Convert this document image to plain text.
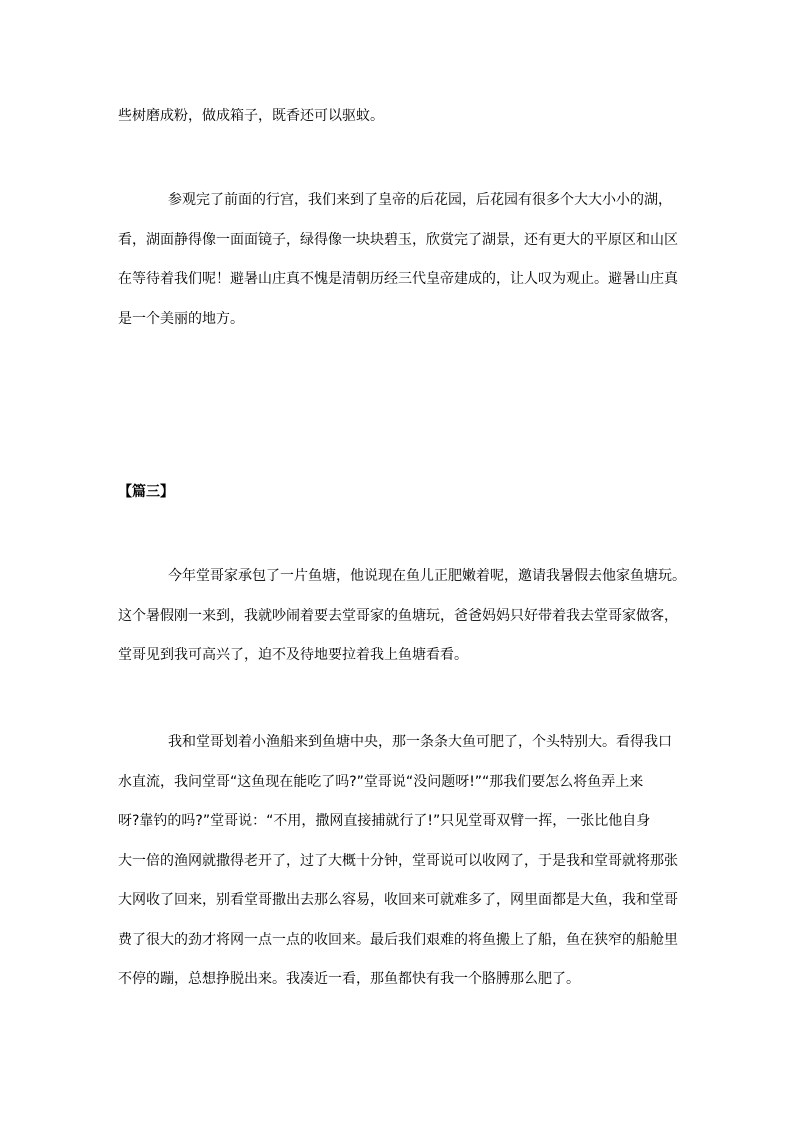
些树磨成粉，做成箱子，既香还可以驱蚊。

参观完了前面的行宫，我们来到了皇帝的后花园，后花园有很多个大大小小的湖，
看，湖面静得像一面面镜子，绿得像一块块碧玉，欣赏完了湖景，还有更大的平原区和山区
在等待着我们呢！避暑山庄真不愧是清朝历经三代皇帝建成的，让人叹为观止。避暑山庄真
是一个美丽的地方。

【篇三】

今年堂哥家承包了一片鱼塘，他说现在鱼儿正肥嫩着呢，邀请我暑假去他家鱼塘玩。
这个暑假刚一来到，我就吵闹着要去堂哥家的鱼塘玩，爸爸妈妈只好带着我去堂哥家做客，
堂哥见到我可高兴了，迫不及待地要拉着我上鱼塘看看。

我和堂哥划着小渔船来到鱼塘中央，那一条条大鱼可肥了，个头特别大。看得我口
水直流，我问堂哥“这鱼现在能吃了吗?”堂哥说“没问题呀!”“那我们要怎么将鱼弄上来
呀?靠钓的吗?”堂哥说：“不用，撒网直接捕就行了!”只见堂哥双臂一挥，一张比他自身
大一倍的渔网就撒得老开了，过了大概十分钟，堂哥说可以收网了，于是我和堂哥就将那张
大网收了回来，别看堂哥撒出去那么容易，收回来可就难多了，网里面都是大鱼，我和堂哥
费了很大的劲才将网一点一点的收回来。最后我们艰难的将鱼搬上了船，鱼在狭窄的船舱里
不停的蹦，总想挣脱出来。我凑近一看，那鱼都快有我一个胳膊那么肥了。
